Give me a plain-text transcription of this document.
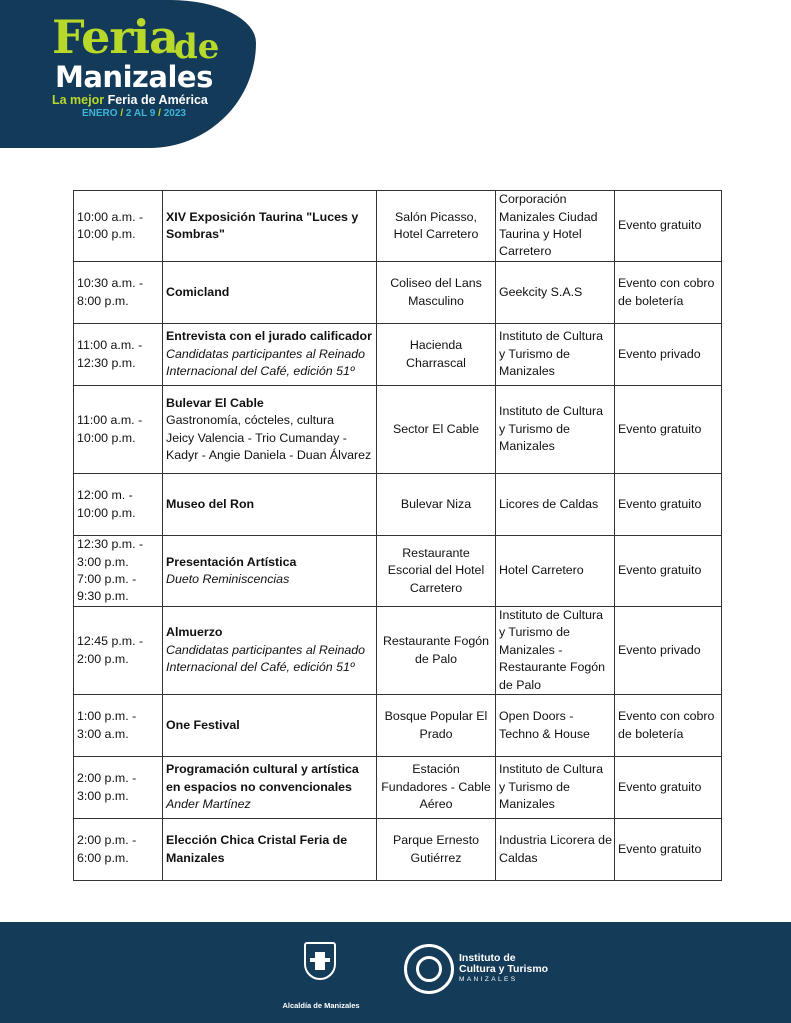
Feria
de
Manizales
La mejor Feria de América
ENERO / 2 AL 9 / 2023
10:00 a.m. -
10:00 p.m.	XIV Exposición Taurina "Luces y Sombras"	Salón Picasso, Hotel Carretero	Corporación Manizales Ciudad Taurina y Hotel Carretero	Evento gratuito

10:30 a.m. -
8:00 p.m.	Comicland	Coliseo del Lans Masculino	Geekcity S.A.S	Evento con cobro de boletería

11:00 a.m. -
12:30 p.m.	Entrevista con el jurado calificador
Candidatas participantes al Reinado Internacional del Café, edición 51º	Hacienda Charrascal	Instituto de Cultura y Turismo de Manizales	Evento privado

11:00 a.m. -
10:00 p.m.	Bulevar El Cable
Gastronomía, cócteles, cultura
Jeicy Valencia - Trio Cumanday - Kadyr - Angie Daniela - Duan Álvarez	Sector El Cable	Instituto de Cultura y Turismo de Manizales	Evento gratuito

12:00 m. -
10:00 p.m.	Museo del Ron	Bulevar Niza	Licores de Caldas	Evento gratuito

12:30 p.m. -
3:00 p.m.
7:00 p.m. -
9:30 p.m.	Presentación Artística
Dueto Reminiscencias	Restaurante Escorial del Hotel Carretero	Hotel Carretero	Evento gratuito

12:45 p.m. -
2:00 p.m.	Almuerzo
Candidatas participantes al Reinado Internacional del Café, edición 51º	Restaurante Fogón de Palo	Instituto de Cultura y Turismo de Manizales - Restaurante Fogón de Palo	Evento privado

1:00 p.m. -
3:00 a.m.	One Festival	Bosque Popular El Prado	Open Doors - Techno & House	Evento con cobro de boletería

2:00 p.m. -
3:00 p.m.	Programación cultural y artística en espacios no convencionales
Ander Martínez	Estación Fundadores - Cable Aéreo	Instituto de Cultura y Turismo de Manizales	Evento gratuito

2:00 p.m. -
6:00 p.m.	Elección Chica Cristal Feria de Manizales	Parque Ernesto Gutiérrez	Industria Licorera de Caldas	Evento gratuito
Alcaldía de Manizales
Instituto de
Cultura y Turismo
MANIZALES
